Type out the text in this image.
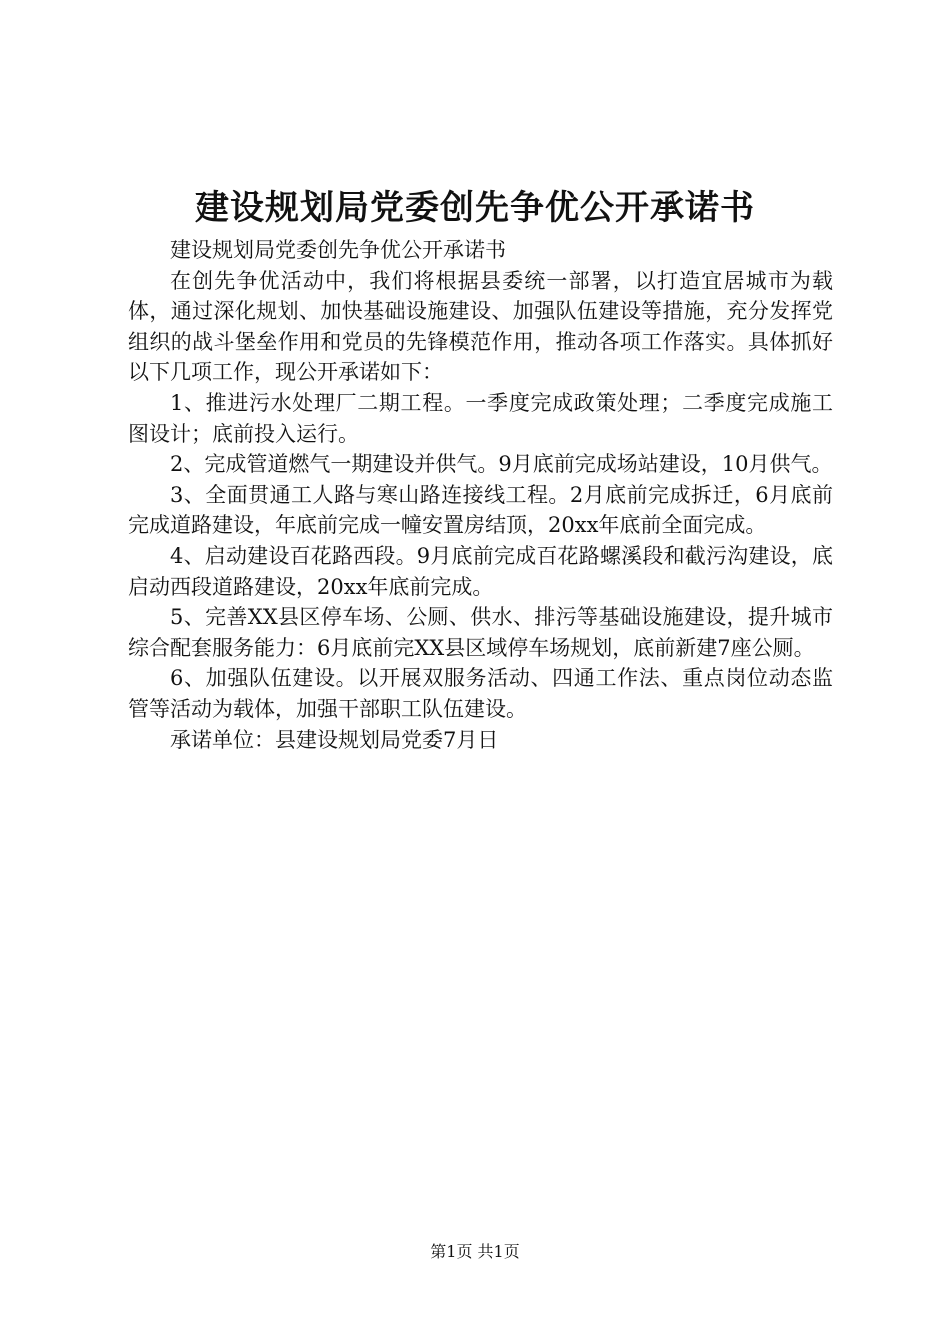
建设规划局党委创先争优公开承诺书

建设规划局党委创先争优公开承诺书

在创先争优活动中，我们将根据县委统一部署，以打造宜居城市为载体，通过深化规划、加快基础设施建设、加强队伍建设等措施，充分发挥党组织的战斗堡垒作用和党员的先锋模范作用，推动各项工作落实。具体抓好以下几项工作，现公开承诺如下：

1、推进污水处理厂二期工程。一季度完成政策处理；二季度完成施工图设计；底前投入运行。

2、完成管道燃气一期建设并供气。9月底前完成场站建设，10月供气。

3、全面贯通工人路与寒山路连接线工程。2月底前完成拆迁，6月底前完成道路建设，年底前完成一幢安置房结顶，20xx年底前全面完成。

4、启动建设百花路西段。9月底前完成百花路螺溪段和截污沟建设，底启动西段道路建设，20xx年底前完成。

5、完善XX县区停车场、公厕、供水、排污等基础设施建设，提升城市综合配套服务能力：6月底前完XX县区域停车场规划，底前新建7座公厕。

6、加强队伍建设。以开展双服务活动、四通工作法、重点岗位动态监管等活动为载体，加强干部职工队伍建设。

承诺单位：县建设规划局党委7月日

第1页 共1页
